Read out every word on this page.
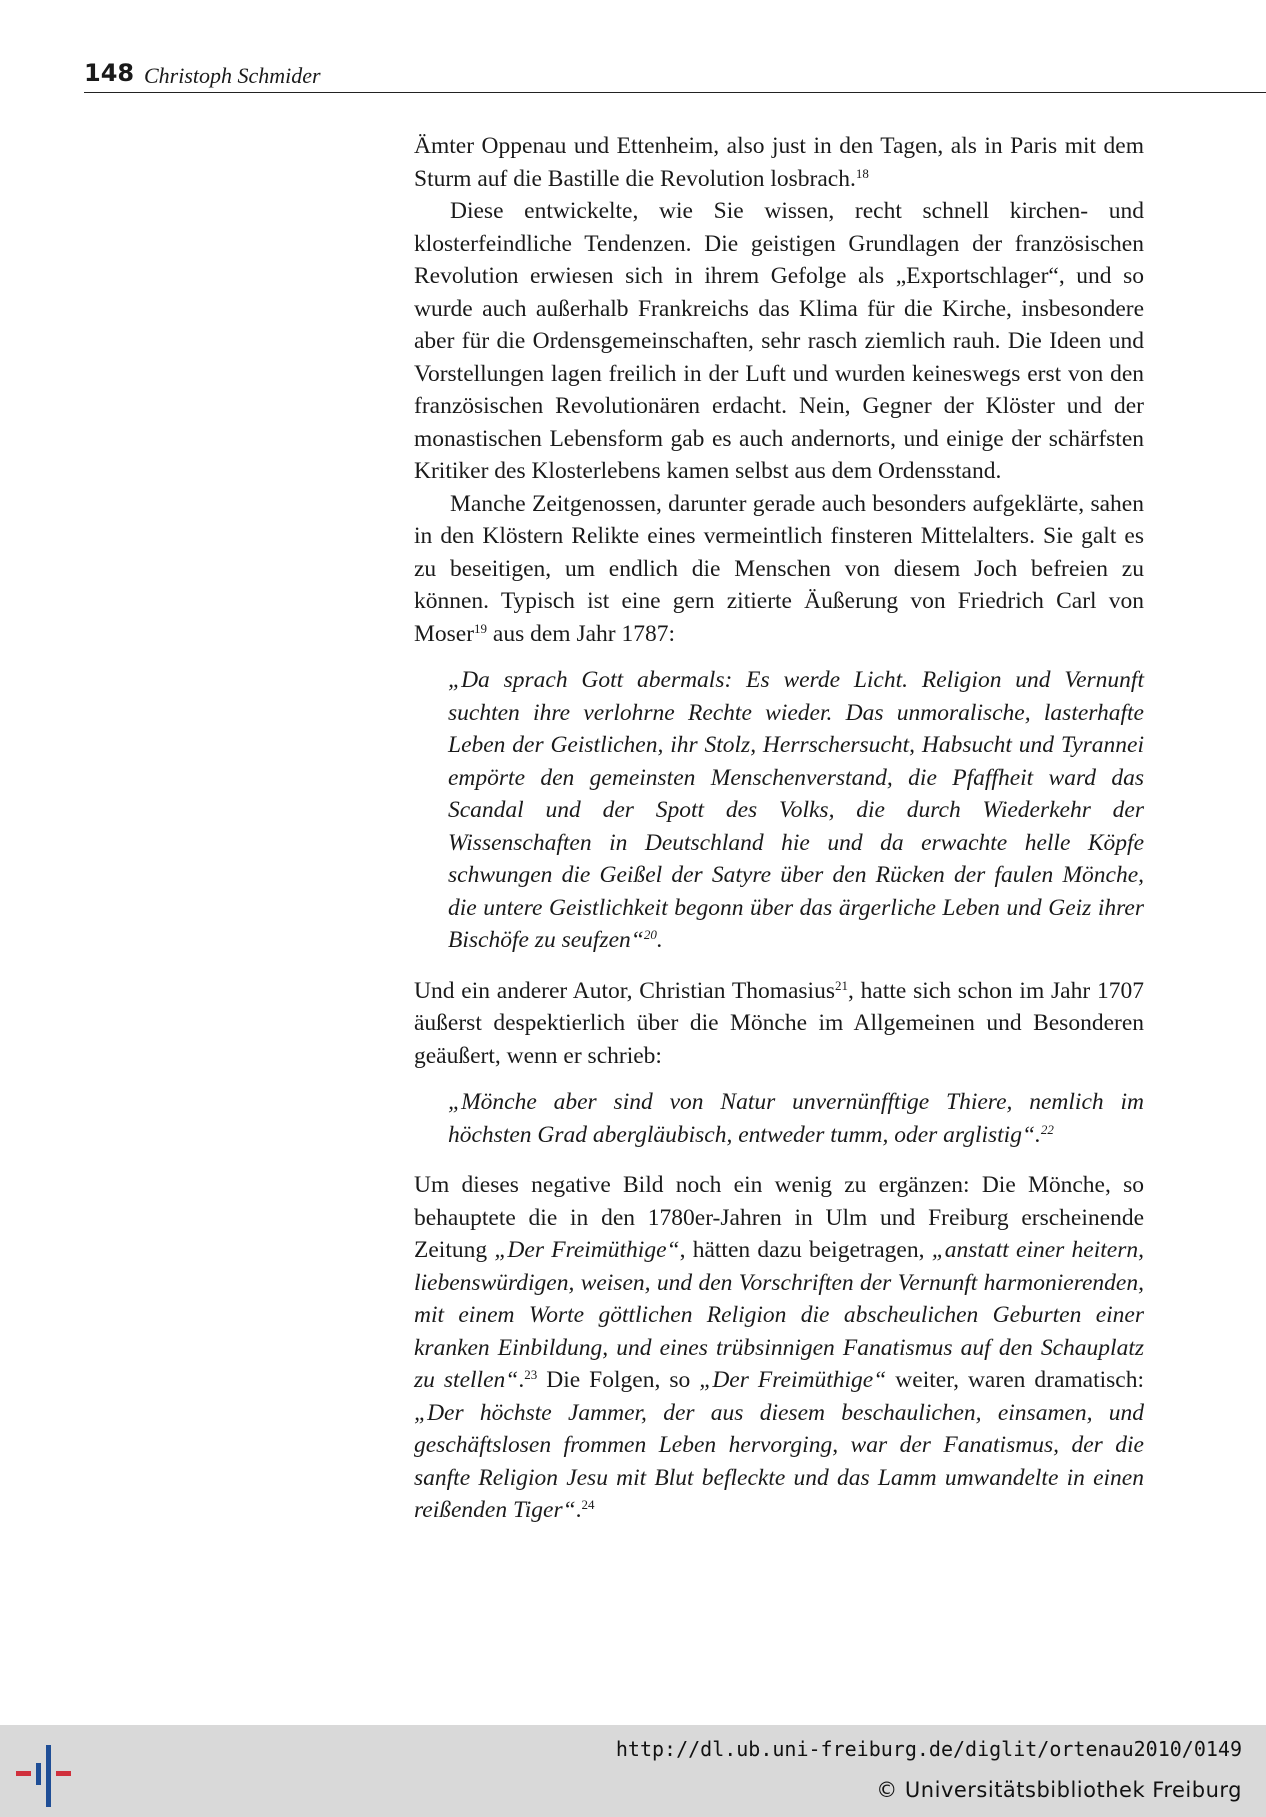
148 Christoph Schmider

Ämter Oppenau und Ettenheim, also just in den Tagen, als in Paris mit dem Sturm auf die Bastille die Revolution losbrach.$^{18}$

Diese entwickelte, wie Sie wissen, recht schnell kirchen- und klosterfeindliche Tendenzen. Die geistigen Grundlagen der französischen Revolution erwiesen sich in ihrem Gefolge als „Exportschlager“, und so wurde auch außerhalb Frankreichs das Klima für die Kirche, insbesondere aber für die Ordensgemeinschaften, sehr rasch ziemlich rauh. Die Ideen und Vorstellungen lagen freilich in der Luft und wurden keineswegs erst von den französischen Revolutionären erdacht. Nein, Gegner der Klöster und der monastischen Lebensform gab es auch andernorts, und einige der schärfsten Kritiker des Klosterlebens kamen selbst aus dem Ordensstand.

Manche Zeitgenossen, darunter gerade auch besonders aufgeklärte, sahen in den Klöstern Relikte eines vermeintlich finsteren Mittelalters. Sie galt es zu beseitigen, um endlich die Menschen von diesem Joch befreien zu können. Typisch ist eine gern zitierte Äußerung von Friedrich Carl von Moser$^{19}$ aus dem Jahr 1787:

„Da sprach Gott abermals: Es werde Licht. Religion und Vernunft suchten ihre verlohrne Rechte wieder. Das unmoralische, lasterhafte Leben der Geistlichen, ihr Stolz, Herrschersucht, Habsucht und Tyrannei empörte den gemeinsten Menschenverstand, die Pfaffheit ward das Scandal und der Spott des Volks, die durch Wiederkehr der Wissenschaften in Deutschland hie und da erwachte helle Köpfe schwungen die Geißel der Satyre über den Rücken der faulen Mönche, die untere Geistlichkeit begonn über das ärgerliche Leben und Geiz ihrer Bischöfe zu seufzen“$^{20}$.

Und ein anderer Autor, Christian Thomasius$^{21}$, hatte sich schon im Jahr 1707 äußerst despektierlich über die Mönche im Allgemeinen und Besonderen geäußert, wenn er schrieb:

„Mönche aber sind von Natur unvernünfftige Thiere, nemlich im höchsten Grad abergläubisch, entweder tumm, oder arglistig“.$^{22}$

Um dieses negative Bild noch ein wenig zu ergänzen: Die Mönche, so behauptete die in den 1780er-Jahren in Ulm und Freiburg erscheinende Zeitung „Der Freimüthige“, hätten dazu beigetragen, „anstatt einer heitern, liebenswürdigen, weisen, und den Vorschriften der Vernunft harmonierenden, mit einem Worte göttlichen Religion die abscheulichen Geburten einer kranken Einbildung, und eines trübsinnigen Fanatismus auf den Schauplatz zu stellen“.$^{23}$ Die Folgen, so „Der Freimüthige“ weiter, waren dramatisch: „Der höchste Jammer, der aus diesem beschaulichen, einsamen, und geschäftslosen frommen Leben hervorging, war der Fanatismus, der die sanfte Religion Jesu mit Blut befleckte und das Lamm umwandelte in einen reißenden Tiger“.$^{24}$

http://dl.ub.uni-freiburg.de/diglit/ortenau2010/0149
© Universitätsbibliothek Freiburg
